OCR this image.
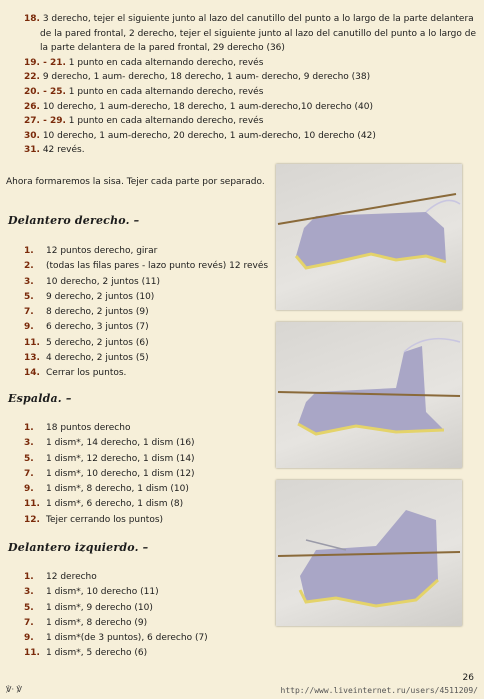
18. 3 derecho, tejer el siguiente junto al lazo del canutillo del punto a lo largo de la parte delantera
de la pared frontal, 2 derecho, tejer el siguiente junto al lazo del canutillo del punto a lo largo de
la parte delantera de la pared frontal, 29 derecho (36)
19. - 21. 1 punto en cada alternando derecho, revés
22. 9 derecho, 1 aum- derecho, 18 derecho, 1 aum- derecho, 9 derecho (38)
20. - 25. 1 punto en cada alternando derecho, revés
26. 10 derecho, 1 aum-derecho, 18 derecho, 1 aum-derecho,10 derecho (40)
27. - 29. 1 punto en cada alternando derecho, revés
30. 10 derecho, 1 aum-derecho, 20 derecho, 1 aum-derecho, 10 derecho (42)
31. 42 revés.
Ahora formaremos la sisa. Tejer cada parte por separado.
Delantero derecho. –
1. 12 puntos derecho, girar
2. (todas las filas pares - lazo punto revés) 12 revés
3. 10 derecho, 2 juntos (11)
5. 9 derecho, 2 juntos (10)
7. 8 derecho, 2 juntos (9)
9. 6 derecho, 3 juntos (7)
11. 5 derecho, 2 juntos (6)
13. 4 derecho, 2 juntos (5)
14. Cerrar los puntos.
Espalda. –
1. 18 puntos derecho
3. 1 dism*, 14 derecho, 1 dism (16)
5. 1 dism*, 12 derecho, 1 dism (14)
7. 1 dism*, 10 derecho, 1 dism (12)
9. 1 dism*, 8 derecho, 1 dism (10)
11. 1 dism*, 6 derecho, 1 dism (8)
12. Tejer cerrando los puntos)
Delantero izquierdo. –
1. 12 derecho
3. 1 dism*, 10 derecho (11)
5. 1 dism*, 9 derecho (10)
7. 1 dism*, 8 derecho (9)
9. 1 dism*(de 3 puntos), 6 derecho (7)
11. 1 dism*, 5 derecho (6)
℣· ℣
26
http://www.liveinternet.ru/users/4511209/
